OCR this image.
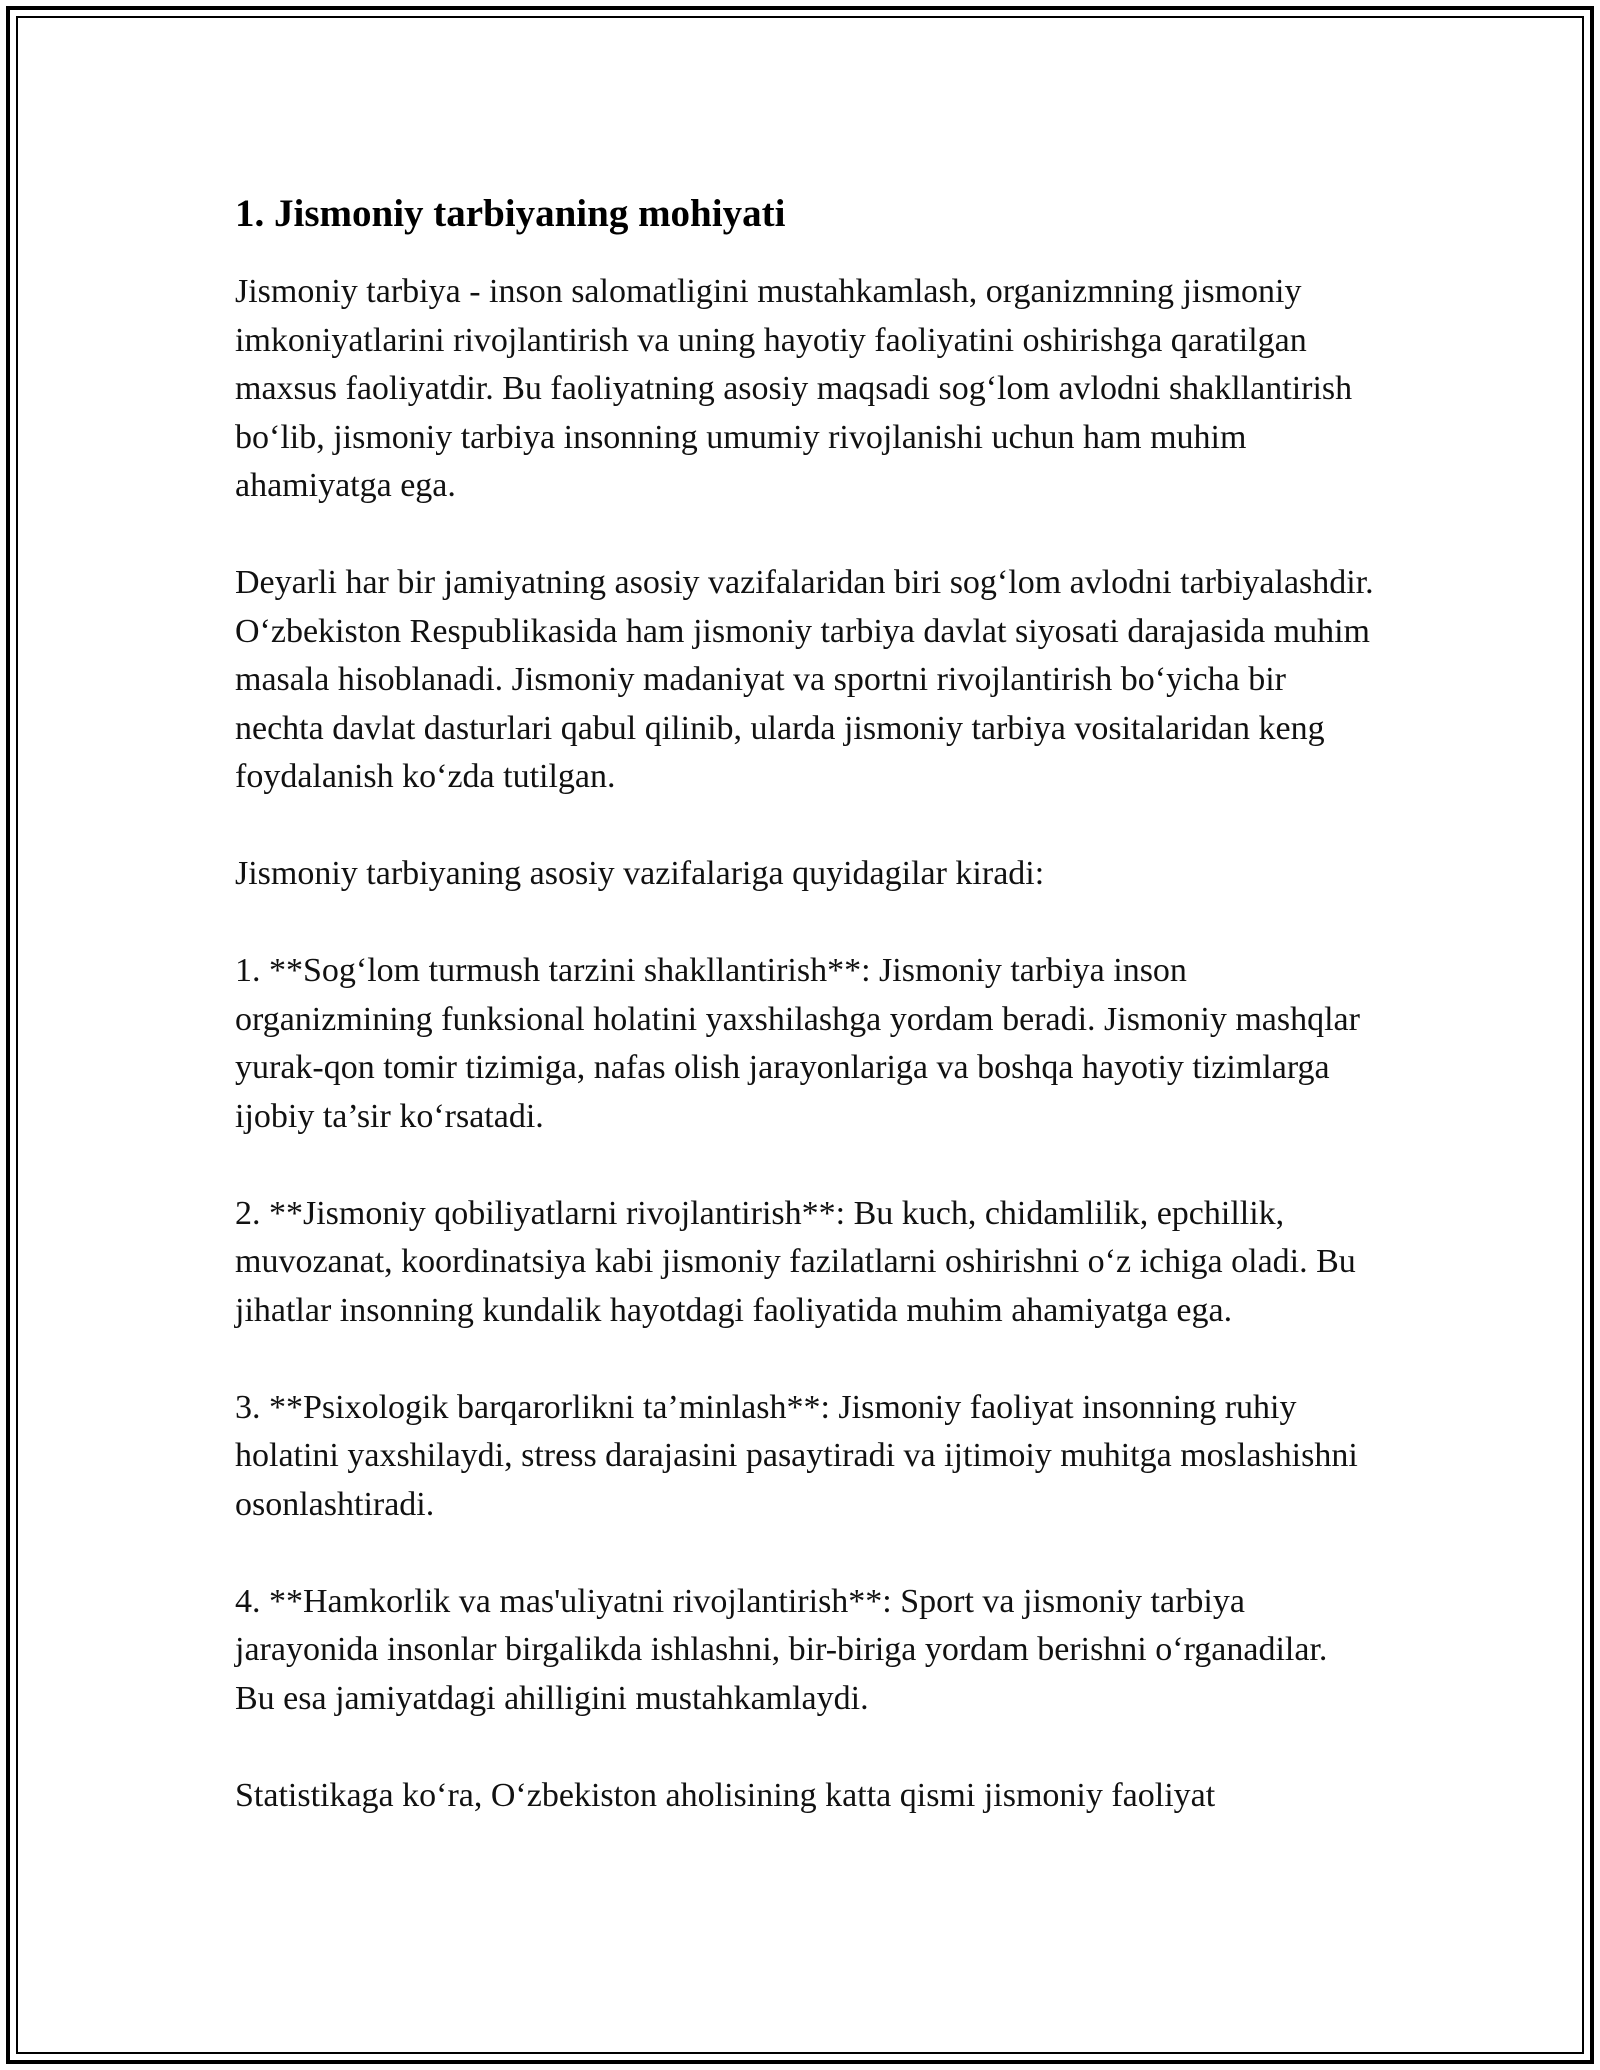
1. Jismoniy tarbiyaning mohiyati

Jismoniy tarbiya - inson salomatligini mustahkamlash, organizmning jismoniy imkoniyatlarini rivojlantirish va uning hayotiy faoliyatini oshirishga qaratilgan maxsus faoliyatdir. Bu faoliyatning asosiy maqsadi sog‘lom avlodni shakllantirish bo‘lib, jismoniy tarbiya insonning umumiy rivojlanishi uchun ham muhim ahamiyatga ega.

Deyarli har bir jamiyatning asosiy vazifalaridan biri sog‘lom avlodni tarbiyalashdir. O‘zbekiston Respublikasida ham jismoniy tarbiya davlat siyosati darajasida muhim masala hisoblanadi. Jismoniy madaniyat va sportni rivojlantirish bo‘yicha bir nechta davlat dasturlari qabul qilinib, ularda jismoniy tarbiya vositalaridan keng foydalanish ko‘zda tutilgan.

Jismoniy tarbiyaning asosiy vazifalariga quyidagilar kiradi:

1. **Sog‘lom turmush tarzini shakllantirish**: Jismoniy tarbiya inson organizmining funksional holatini yaxshilashga yordam beradi. Jismoniy mashqlar yurak-qon tomir tizimiga, nafas olish jarayonlariga va boshqa hayotiy tizimlarga ijobiy ta’sir ko‘rsatadi.

2. **Jismoniy qobiliyatlarni rivojlantirish**: Bu kuch, chidamlilik, epchillik, muvozanat, koordinatsiya kabi jismoniy fazilatlarni oshirishni o‘z ichiga oladi. Bu jihatlar insonning kundalik hayotdagi faoliyatida muhim ahamiyatga ega.

3. **Psixologik barqarorlikni ta’minlash**: Jismoniy faoliyat insonning ruhiy holatini yaxshilaydi, stress darajasini pasaytiradi va ijtimoiy muhitga moslashishni osonlashtiradi.

4. **Hamkorlik va mas'uliyatni rivojlantirish**: Sport va jismoniy tarbiya jarayonida insonlar birgalikda ishlashni, bir-biriga yordam berishni o‘rganadilar. Bu esa jamiyatdagi ahilligini mustahkamlaydi.

Statistikaga ko‘ra, O‘zbekiston aholisining katta qismi jismoniy faoliyat
